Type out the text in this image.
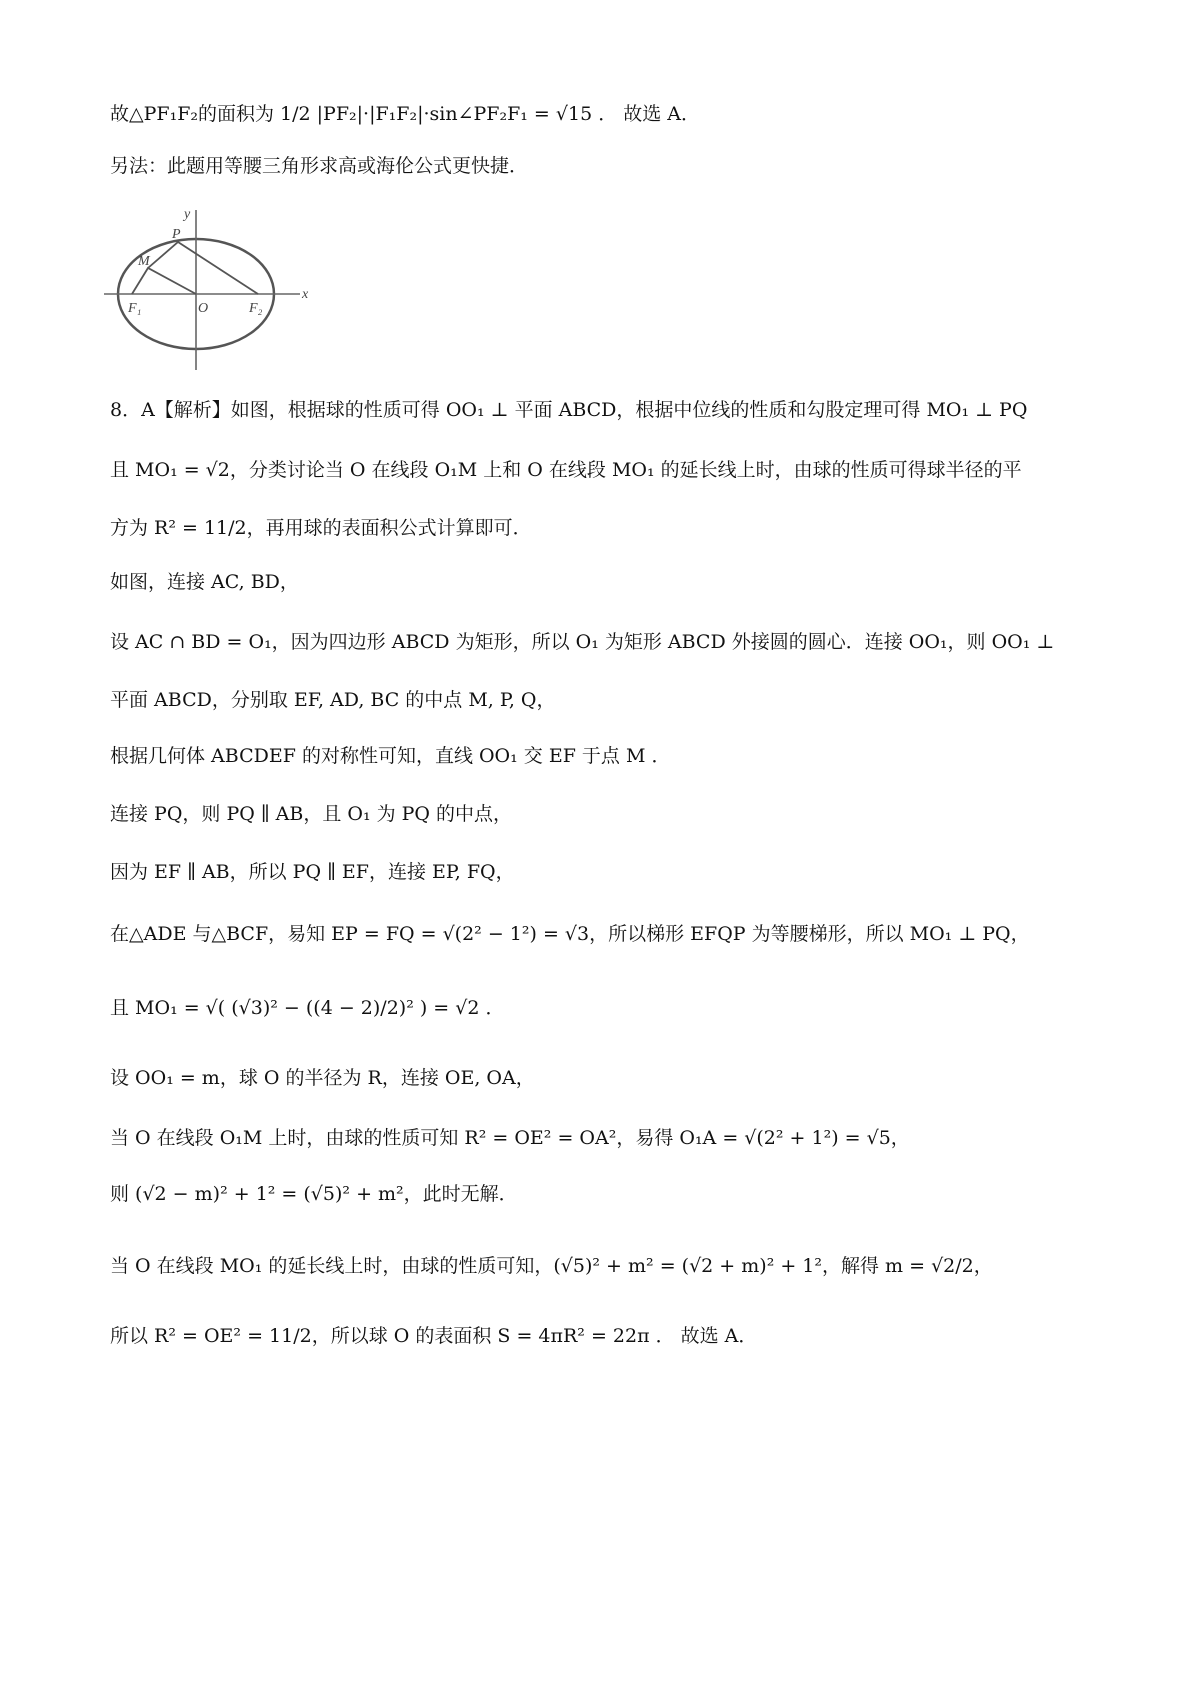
故△PF₁F₂的面积为 1/2 |PF₂|·|F₁F₂|·sin∠PF₂F₁ = √15 ． 故选 A．
另法：此题用等腰三角形求高或海伦公式更快捷．
y
P
M
F₁	O	F₂
x
8．A【解析】如图，根据球的性质可得 OO₁ ⊥ 平面 ABCD，根据中位线的性质和勾股定理可得 MO₁ ⊥ PQ
且 MO₁ = √2，分类讨论当 O 在线段 O₁M 上和 O 在线段 MO₁ 的延长线上时，由球的性质可得球半径的平
方为 R² = 11/2，再用球的表面积公式计算即可．
如图，连接 AC, BD，
设 AC ∩ BD = O₁，因为四边形 ABCD 为矩形，所以 O₁ 为矩形 ABCD 外接圆的圆心．连接 OO₁，则 OO₁ ⊥
平面 ABCD，分别取 EF, AD, BC 的中点 M, P, Q，
根据几何体 ABCDEF 的对称性可知，直线 OO₁ 交 EF 于点 M ．
连接 PQ，则 PQ ∥ AB，且 O₁ 为 PQ 的中点，
因为 EF ∥ AB，所以 PQ ∥ EF，连接 EP, FQ，
在△ADE 与△BCF，易知 EP = FQ = √(2² − 1²) = √3，所以梯形 EFQP 为等腰梯形，所以 MO₁ ⊥ PQ，
且 MO₁ = √( (√3)² − ((4 − 2)/2)² ) = √2 ．
设 OO₁ = m，球 O 的半径为 R，连接 OE, OA，
当 O 在线段 O₁M 上时，由球的性质可知 R² = OE² = OA²，易得 O₁A = √(2² + 1²) = √5，
则 (√2 − m)² + 1² = (√5)² + m²，此时无解．
当 O 在线段 MO₁ 的延长线上时，由球的性质可知，(√5)² + m² = (√2 + m)² + 1²，解得 m = √2/2，
所以 R² = OE² = 11/2，所以球 O 的表面积 S = 4πR² = 22π ． 故选 A．
